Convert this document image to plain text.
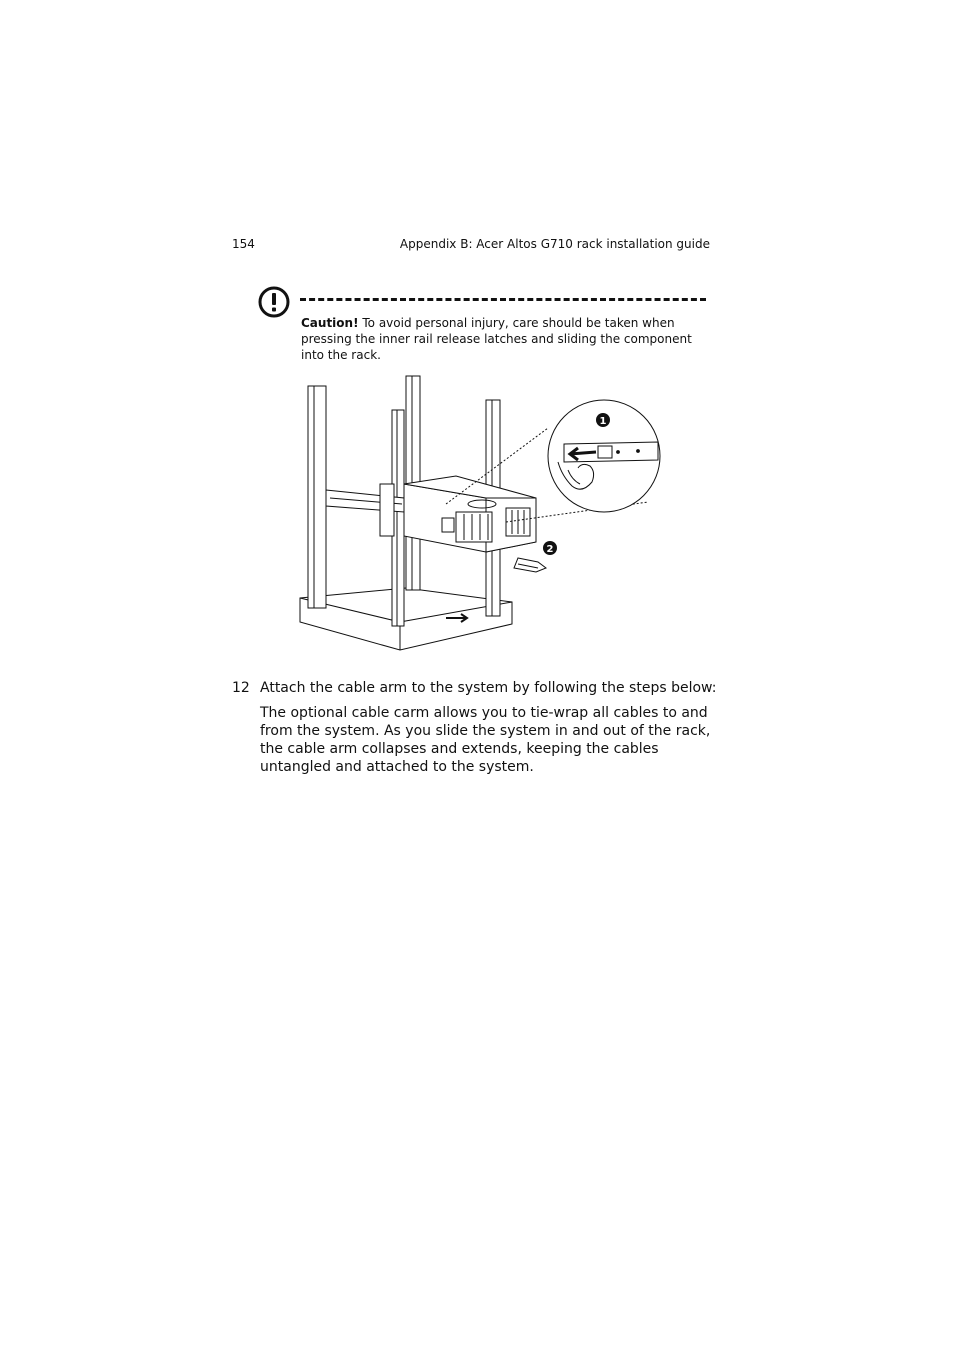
154	Appendix B: Acer Altos G710 rack installation guide
Caution! To avoid personal injury, care should be taken when pressing the inner rail release latches and sliding the component into the rack.
1
2
12 Attach the cable arm to the system by following the steps below:
The optional cable carm allows you to tie-wrap all cables to and from the system. As you slide the system in and out of the rack, the cable arm collapses and extends, keeping the cables untangled and attached to the system.
